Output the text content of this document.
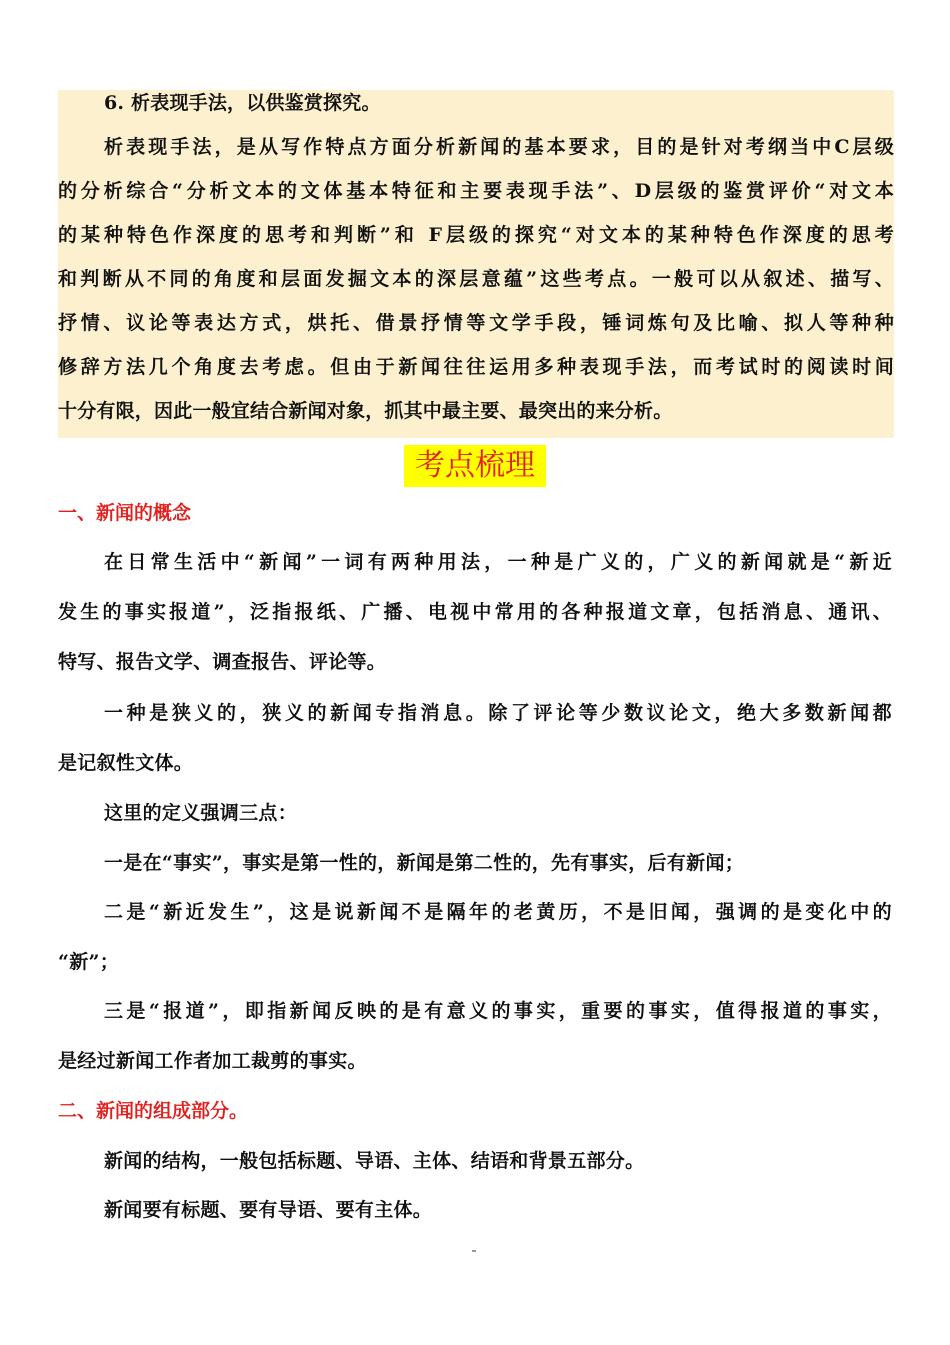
6. 析表现手法，以供鉴赏探究。
析表现手法，是从写作特点方面分析新闻的基本要求，目的是针对考纲当中C层级
的分析综合“分析文本的文体基本特征和主要表现手法”、D层级的鉴赏评价“对文本
的某种特色作深度的思考和判断”和 F层级的探究“对文本的某种特色作深度的思考
和判断从不同的角度和层面发掘文本的深层意蕴”这些考点。一般可以从叙述、描写、
抒情、议论等表达方式，烘托、借景抒情等文学手段，锤词炼句及比喻、拟人等种种
修辞方法几个角度去考虑。但由于新闻往往运用多种表现手法，而考试时的阅读时间
十分有限，因此一般宜结合新闻对象，抓其中最主要、最突出的来分析。
考点梳理
一、新闻的概念
在日常生活中“新闻”一词有两种用法，一种是广义的，广义的新闻就是“新近
发生的事实报道”，泛指报纸、广播、电视中常用的各种报道文章，包括消息、通讯、
特写、报告文学、调查报告、评论等。
一种是狭义的，狭义的新闻专指消息。除了评论等少数议论文，绝大多数新闻都
是记叙性文体。
这里的定义强调三点：
一是在“事实”，事实是第一性的，新闻是第二性的，先有事实，后有新闻；
二是“新近发生”，这是说新闻不是隔年的老黄历，不是旧闻，强调的是变化中的
“新”；
三是“报道”，即指新闻反映的是有意义的事实，重要的事实，值得报道的事实，
是经过新闻工作者加工裁剪的事实。
二、新闻的组成部分。
新闻的结构，一般包括标题、导语、主体、结语和背景五部分。
新闻要有标题、要有导语、要有主体。
